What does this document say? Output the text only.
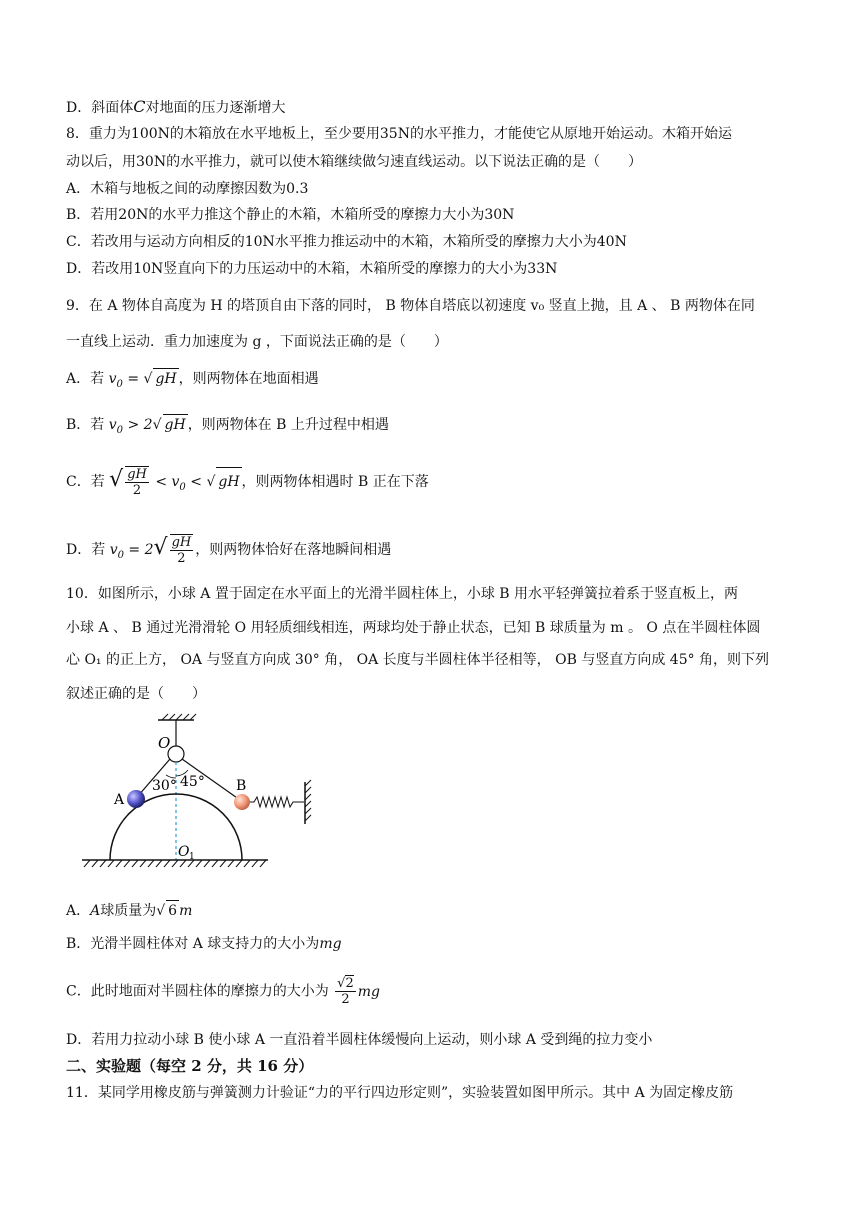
D．斜面体C对地面的压力逐渐增大
8．重力为100N的木箱放在水平地板上，至少要用35N的水平推力，才能使它从原地开始运动。木箱开始运
动以后，用30N的水平推力，就可以使木箱继续做匀速直线运动。以下说法正确的是（　　）
A．木箱与地板之间的动摩擦因数为0.3
B．若用20N的水平力推这个静止的木箱，木箱所受的摩擦力大小为30N
C．若改用与运动方向相反的10N水平推力推运动中的木箱，木箱所受的摩擦力大小为40N
D．若改用10N竖直向下的力压运动中的木箱，木箱所受的摩擦力的大小为33N
9．在 A 物体自高度为 H 的塔顶自由下落的同时， B 物体自塔底以初速度 v₀ 竖直上抛，且 A 、 B 两物体在同
一直线上运动．重力加速度为 g ，下面说法正确的是（　　）
A．若 $v_0$ = √ gH ，则两物体在地面相遇
B．若 $v_0 > 2√$ gH ，则两物体在 B 上升过程中相遇
C．若 √ $\frac{gH}{2} < v_0$ < √ gH ，则两物体相遇时 B 正在下落
D．若 $v_0 = 2√ \frac{gH}{2}$ ，则两物体恰好在落地瞬间相遇
10．如图所示，小球 A 置于固定在水平面上的光滑半圆柱体上，小球 B 用水平轻弹簧拉着系于竖直板上，两
小球 A 、 B 通过光滑滑轮 O 用轻质细线相连，两球均处于静止状态，已知 B 球质量为 m 。 O 点在半圆柱体圆
心 O₁ 的正上方， OA 与竖直方向成 30° 角， OA 长度与半圆柱体半径相等， OB 与竖直方向成 45° 角，则下列
叙述正确的是（　　）
O
A
B
30° 45°
O 1
A．A球质量为√ 6 m
B．光滑半圆柱体对 A 球支持力的大小为mg
C．此时地面对半圆柱体的摩擦力的大小为 $\frac{√2}{2}$ mg
D．若用力拉动小球 B 使小球 A 一直沿着半圆柱体缓慢向上运动，则小球 A 受到绳的拉力变小
二、实验题（每空 2 分，共 16 分）
11．某同学用橡皮筋与弹簧测力计验证“力的平行四边形定则”，实验装置如图甲所示。其中 A 为固定橡皮筋
